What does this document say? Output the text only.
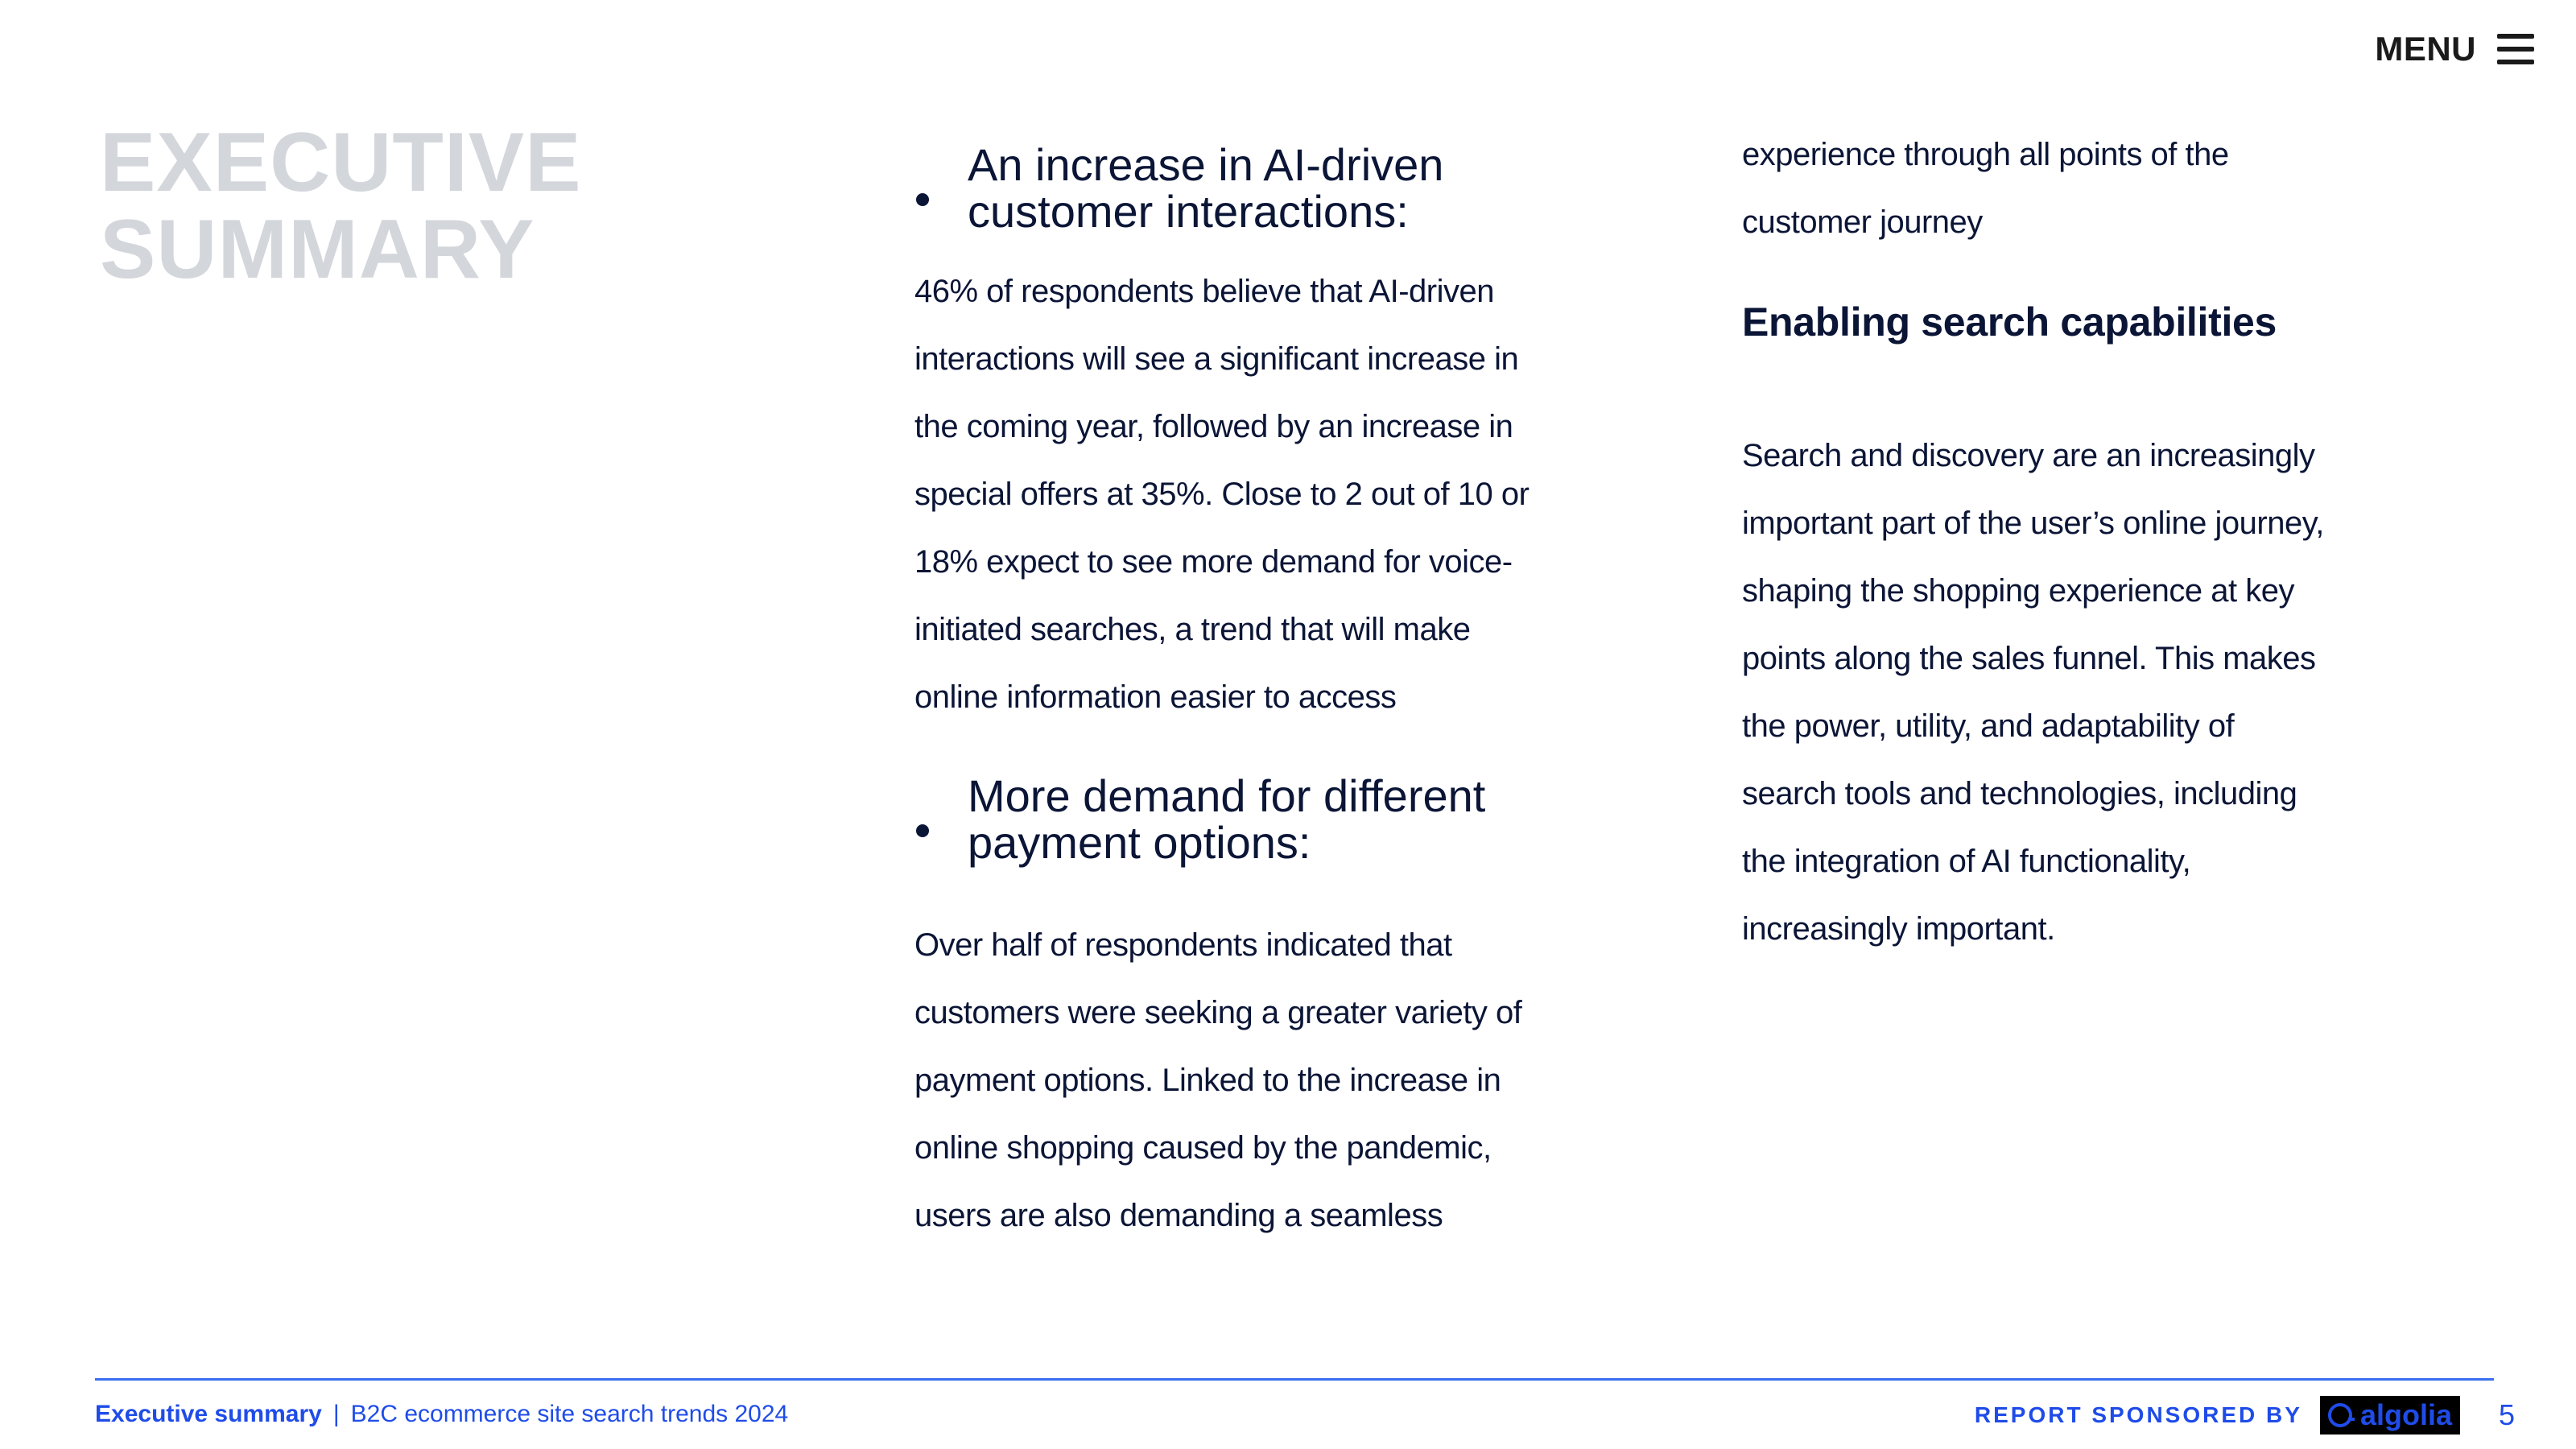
MENU
EXECUTIVE
SUMMARY
An increase in AI-driven
customer interactions:
46% of respondents believe that AI-driven
interactions will see a significant increase in
the coming year, followed by an increase in
special offers at 35%. Close to 2 out of 10 or
18% expect to see more demand for voice-
initiated searches, a trend that will make
online information easier to access
More demand for different
payment options:
Over half of respondents indicated that
customers were seeking a greater variety of
payment options. Linked to the increase in
online shopping caused by the pandemic,
users are also demanding a seamless
experience through all points of the
customer journey
Enabling search capabilities
Search and discovery are an increasingly
important part of the user’s online journey,
shaping the shopping experience at key
points along the sales funnel. This makes
the power, utility, and adaptability of
search tools and technologies, including
the integration of AI functionality,
increasingly important.
Executive summary | B2C ecommerce site search trends 2024	REPORT SPONSORED BY algolia 5
